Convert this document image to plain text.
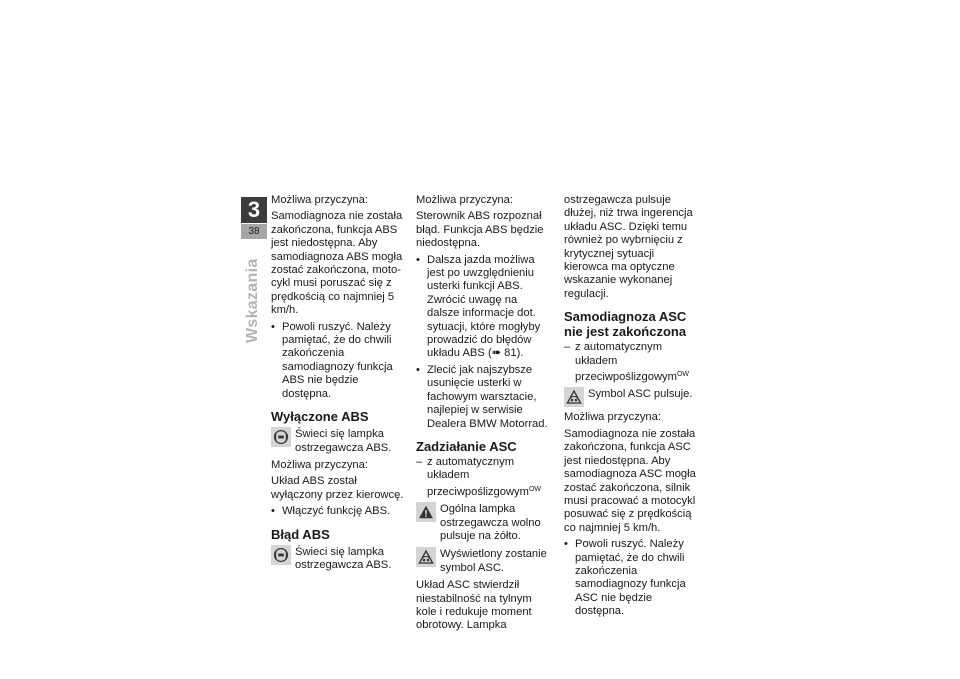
3
38
Wskazania

Możliwa przyczyna:

Samodiagnoza nie została zakończona, funkcja ABS jest niedostępna. Aby samodiagnoza ABS mogła zostać zakończona, motocykl musi poruszać się z prędkością co najmniej 5 km/h.

• Powoli ruszyć. Należy pamiętać, że do chwili zakończenia samodiagnozy funkcja ABS nie będzie dostępna.
Wyłączone ABS
Świeci się lampka ostrzegawcza ABS.

Możliwa przyczyna:

Układ ABS został wyłączony przez kierowcę.

• Włączyć funkcję ABS.
Błąd ABS
Świeci się lampka ostrzegawcza ABS.

Możliwa przyczyna:

Sterownik ABS rozpoznał błąd. Funkcja ABS będzie niedostępna.

• Dalsza jazda możliwa jest po uwzględnieniu usterki funkcji ABS. Zwrócić uwagę na dalsze informacje dot. sytuacji, które mogłyby prowadzić do błędów układu ABS (➠ 81).
• Zlecić jak najszybsze usunięcie usterki w fachowym warsztacie, najlepiej w serwisie Dealera BMW Motorrad.
Zadziałanie ASC
– z automatycznym układem przeciwpoślizgowym$^{OW}$
Ogólna lampka ostrzegawcza wolno pulsuje na żółto.
Wyświetlony zostanie symbol ASC.

Układ ASC stwierdził niestabilność na tylnym kole i redukuje moment obrotowy. Lampka

ostrzegawcza pulsuje dłużej, niż trwa ingerencja układu ASC. Dzięki temu również po wybrnięciu z krytycznej sytuacji kierowca ma optyczne wskazanie wykonanej regulacji.

Samodiagnoza ASC nie jest zakończona
– z automatycznym układem przeciwpoślizgowym$^{OW}$
Symbol ASC pulsuje.

Możliwa przyczyna:

Samodiagnoza nie została zakończona, funkcja ASC jest niedostępna. Aby samodiagnoza ASC mogła zostać zakończona, silnik musi pracować a motocykl posuwać się z prędkością co najmniej 5 km/h.

• Powoli ruszyć. Należy pamiętać, że do chwili zakończenia samodiagnozy funkcja ASC nie będzie dostępna.
